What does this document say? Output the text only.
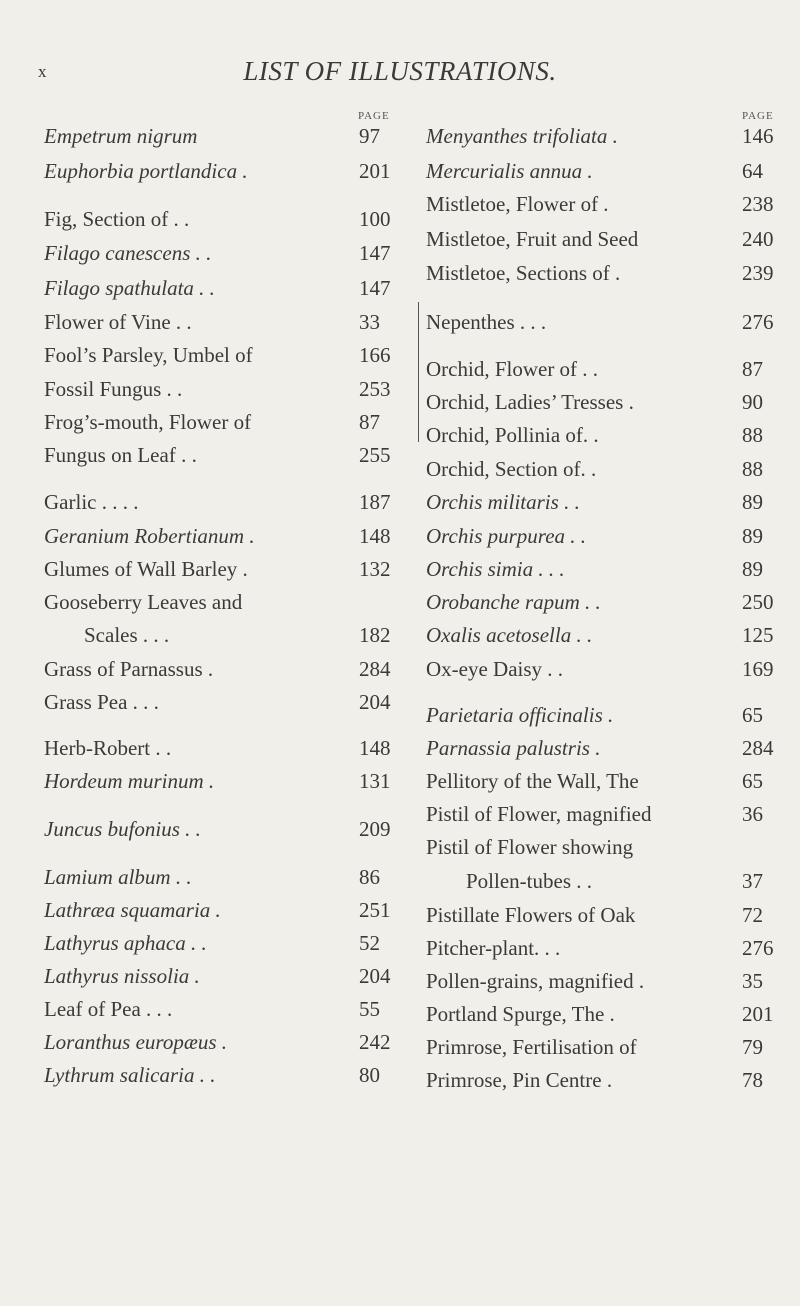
x	LIST OF ILLUSTRATIONS.
PAGE	PAGE
Empetrum nigrum	97
Euphorbia portlandica .	201
Fig, Section of . .	100
Filago canescens . .	147
Filago spathulata . .	147
Flower of Vine . .	33
Fool’s Parsley, Umbel of	166
Fossil Fungus . .	253
Frog’s-mouth, Flower of	87
Fungus on Leaf . .	255
Garlic . . . .	187
Geranium Robertianum .	148
Glumes of Wall Barley .	132
Gooseberry Leaves and
Scales . . .	182
Grass of Parnassus .	284
Grass Pea . . .	204
Herb-Robert . .	148
Hordeum murinum .	131
Juncus bufonius . .	209
Lamium album . .	86
Lathræa squamaria .	251
Lathyrus aphaca . .	52
Lathyrus nissolia .	204
Leaf of Pea . . .	55
Loranthus europæus .	242
Lythrum salicaria . .	80
Menyanthes trifoliata .	146
Mercurialis annua .	64
Mistletoe, Flower of .	238
Mistletoe, Fruit and Seed	240
Mistletoe, Sections of .	239
Nepenthes . . .	276
Orchid, Flower of . .	87
Orchid, Ladies’ Tresses .	90
Orchid, Pollinia of. .	88
Orchid, Section of. .	88
Orchis militaris . .	89
Orchis purpurea . .	89
Orchis simia . . .	89
Orobanche rapum . .	250
Oxalis acetosella . .	125
Ox-eye Daisy . .	169
Parietaria officinalis .	65
Parnassia palustris .	284
Pellitory of the Wall, The	65
Pistil of Flower, magnified	36
Pistil of Flower showing
Pollen-tubes . .	37
Pistillate Flowers of Oak	72
Pitcher-plant. . .	276
Pollen-grains, magnified .	35
Portland Spurge, The .	201
Primrose, Fertilisation of	79
Primrose, Pin Centre .	78
